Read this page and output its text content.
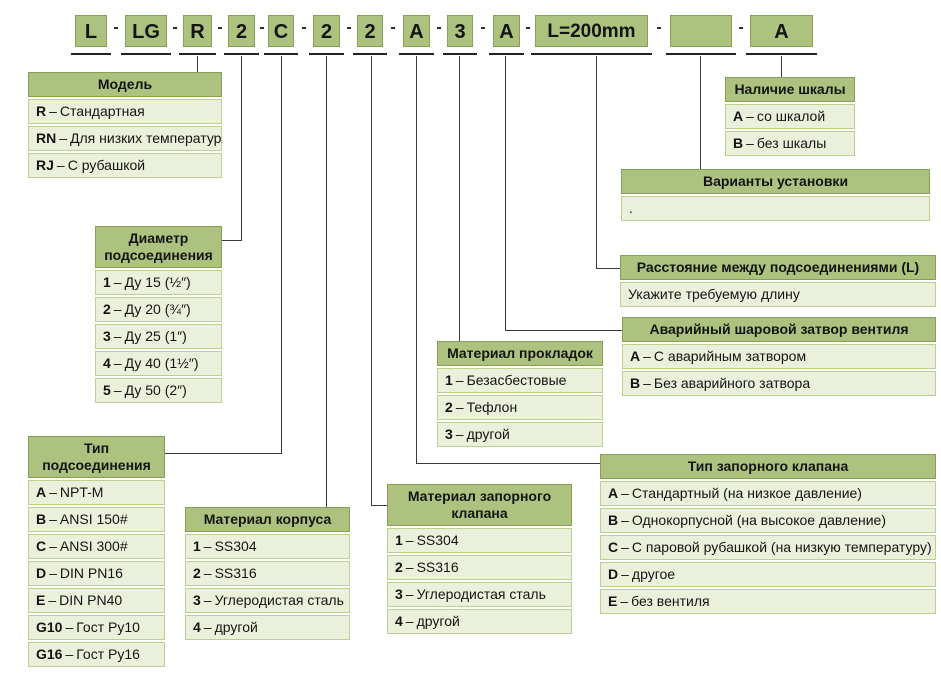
L	LG	R	2	C	2	2	A	3	A	L=200mm	A
-	- - - - - -	- - -	-	-
Модель
R – Стандартная
RN – Для низких температур
RJ – С рубашкой
Диаметр подсоединения
1 – Ду 15 (½″)
2 – Ду 20 (¾″)
3 – Ду 25 (1″)
4 – Ду 40 (1½″)
5 – Ду 50 (2″)
Тип подсоединения
A – NPT-M
B – ANSI 150#
C – ANSI 300#
D – DIN PN16
E – DIN PN40
G10 – Гост Ру10
G16 – Гост Ру16
Материал корпуса
1 – SS304
2 – SS316
3 – Углеродистая сталь
4 – другой
Материал запорного клапана
1 – SS304
2 – SS316
3 – Углеродистая сталь
4 – другой
Материал прокладок
1 – Безасбестовые
2 – Тефлон
3 – другой
Тип запорного клапана
A – Стандартный (на низкое давление)
B – Однокорпусной (на высокое давление)
C – С паровой рубашкой (на низкую температуру)
D – другое
E – без вентиля
Аварийный шаровой затвор вентиля
A – С аварийным затвором
B – Без аварийного затвора
Расстояние между подсоединениями (L)
Укажите требуемую длину
Варианты установки
.
Наличие шкалы
A – со шкалой
B – без шкалы
